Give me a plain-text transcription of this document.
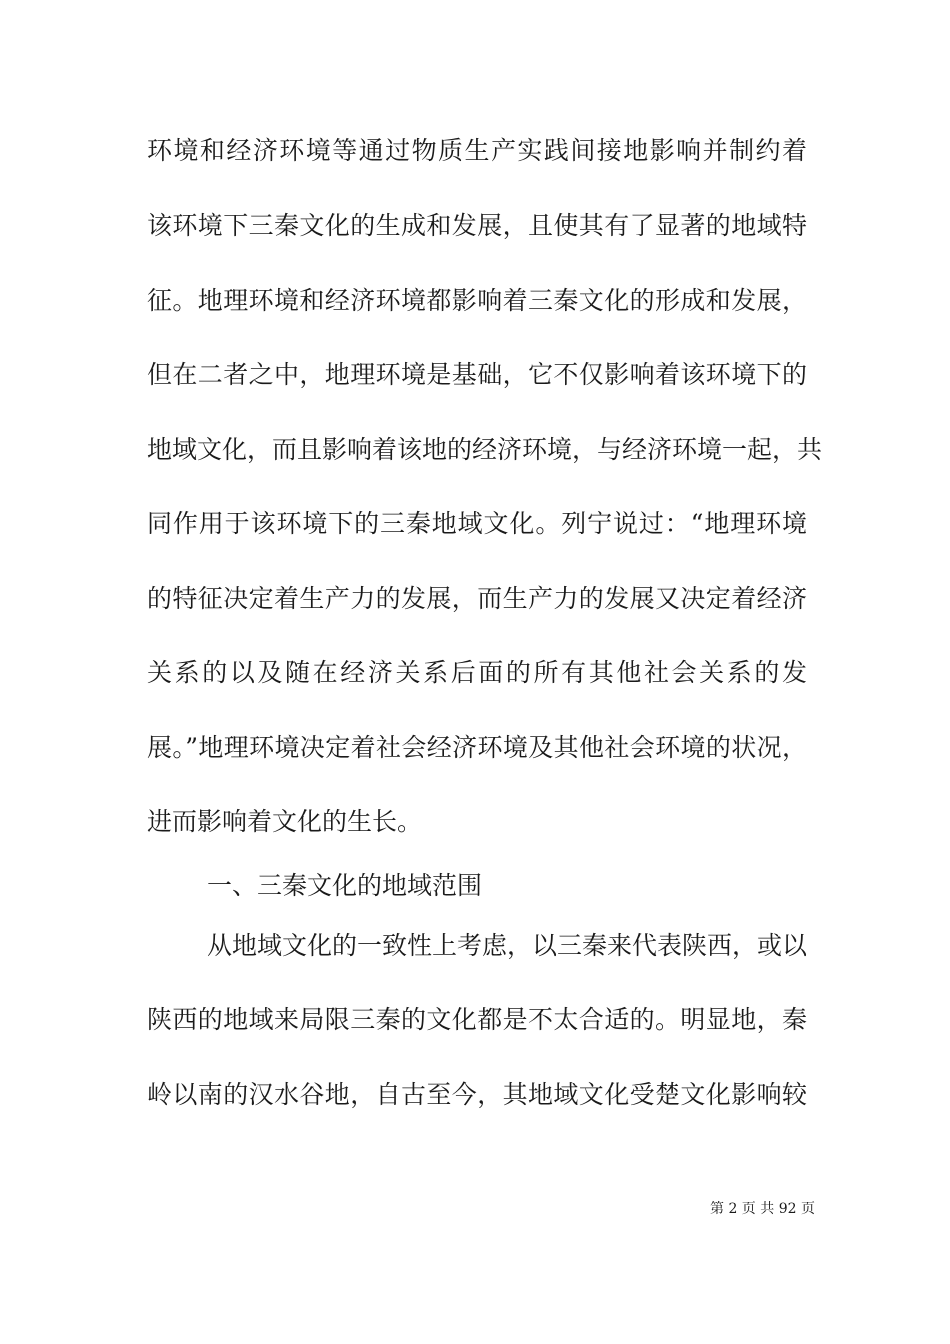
环境和经济环境等通过物质生产实践间接地影响并制约着
该环境下三秦文化的生成和发展，且使其有了显著的地域特
征。地理环境和经济环境都影响着三秦文化的形成和发展，
但在二者之中，地理环境是基础，它不仅影响着该环境下的
地域文化，而且影响着该地的经济环境，与经济环境一起，共
同作用于该环境下的三秦地域文化。列宁说过：“地理环境
的特征决定着生产力的发展，而生产力的发展又决定着经济
关系的以及随在经济关系后面的所有其他社会关系的发
展。”地理环境决定着社会经济环境及其他社会环境的状况，
进而影响着文化的生长。
一、三秦文化的地域范围
从地域文化的一致性上考虑，以三秦来代表陕西，或以
陕西的地域来局限三秦的文化都是不太合适的。明显地，秦
岭以南的汉水谷地，自古至今，其地域文化受楚文化影响较
第 2 页 共 92 页
